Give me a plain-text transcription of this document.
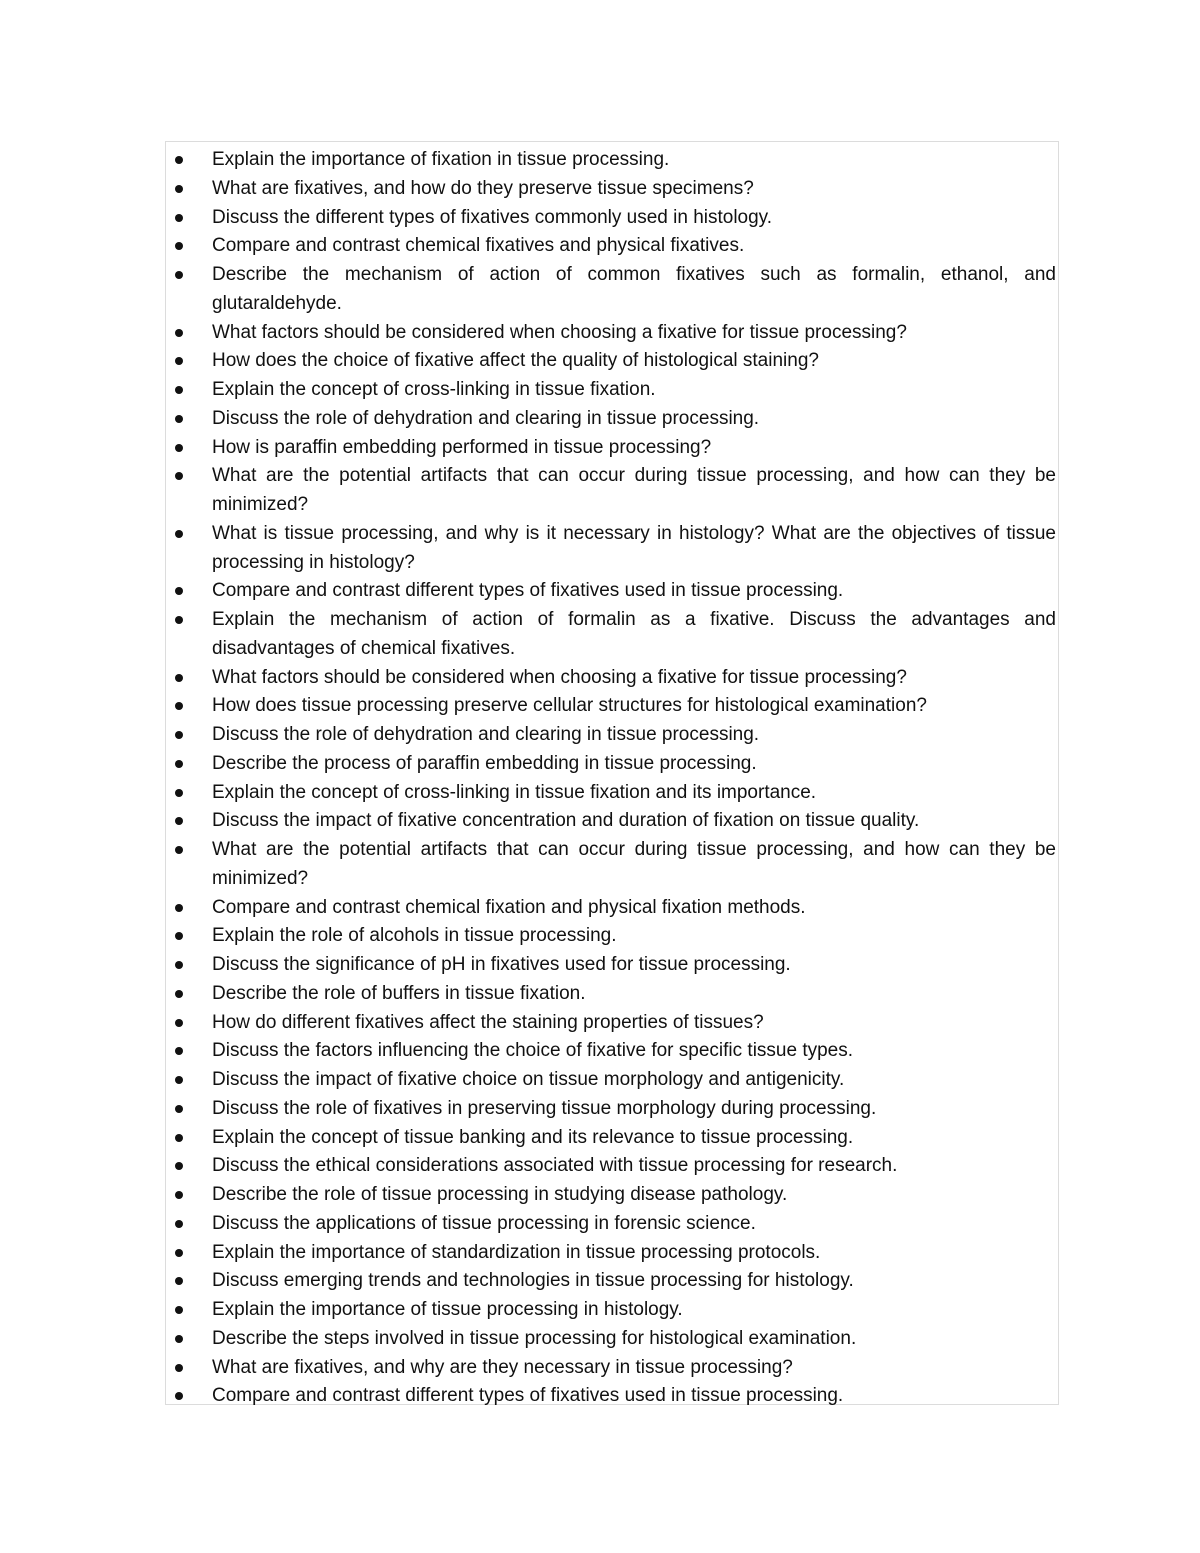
Explain the importance of fixation in tissue processing.
What are fixatives, and how do they preserve tissue specimens?
Discuss the different types of fixatives commonly used in histology.
Compare and contrast chemical fixatives and physical fixatives.
Describe the mechanism of action of common fixatives such as formalin, ethanol, and glutaraldehyde.
What factors should be considered when choosing a fixative for tissue processing?
How does the choice of fixative affect the quality of histological staining?
Explain the concept of cross-linking in tissue fixation.
Discuss the role of dehydration and clearing in tissue processing.
How is paraffin embedding performed in tissue processing?
What are the potential artifacts that can occur during tissue processing, and how can they be minimized?
What is tissue processing, and why is it necessary in histology? What are the objectives of tissue processing in histology?
Compare and contrast different types of fixatives used in tissue processing.
Explain the mechanism of action of formalin as a fixative. Discuss the advantages and disadvantages of chemical fixatives.
What factors should be considered when choosing a fixative for tissue processing?
How does tissue processing preserve cellular structures for histological examination?
Discuss the role of dehydration and clearing in tissue processing.
Describe the process of paraffin embedding in tissue processing.
Explain the concept of cross-linking in tissue fixation and its importance.
Discuss the impact of fixative concentration and duration of fixation on tissue quality.
What are the potential artifacts that can occur during tissue processing, and how can they be minimized?
Compare and contrast chemical fixation and physical fixation methods.
Explain the role of alcohols in tissue processing.
Discuss the significance of pH in fixatives used for tissue processing.
Describe the role of buffers in tissue fixation.
How do different fixatives affect the staining properties of tissues?
Discuss the factors influencing the choice of fixative for specific tissue types.
Discuss the impact of fixative choice on tissue morphology and antigenicity.
Discuss the role of fixatives in preserving tissue morphology during processing.
Explain the concept of tissue banking and its relevance to tissue processing.
Discuss the ethical considerations associated with tissue processing for research.
Describe the role of tissue processing in studying disease pathology.
Discuss the applications of tissue processing in forensic science.
Explain the importance of standardization in tissue processing protocols.
Discuss emerging trends and technologies in tissue processing for histology.
Explain the importance of tissue processing in histology.
Describe the steps involved in tissue processing for histological examination.
What are fixatives, and why are they necessary in tissue processing?
Compare and contrast different types of fixatives used in tissue processing.
